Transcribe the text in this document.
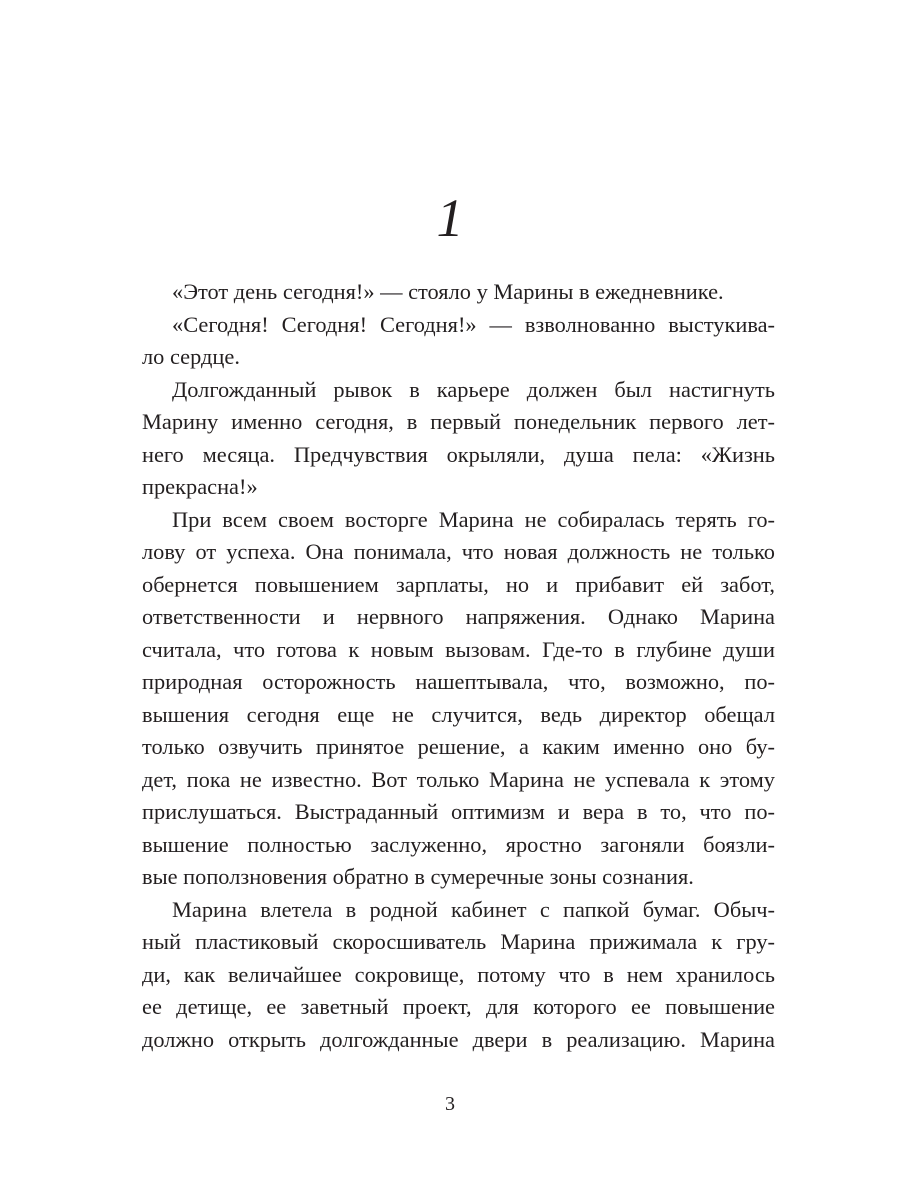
1
«Этот день сегодня!» — стояло у Марины в ежедневнике.
«Сегодня! Сегодня! Сегодня!» — взволнованно выстукива-
ло сердце.
Долгожданный рывок в карьере должен был настигнуть
Марину именно сегодня, в первый понедельник первого лет-
него месяца. Предчувствия окрыляли, душа пела: «Жизнь
прекрасна!»
При всем своем восторге Марина не собиралась терять го-
лову от успеха. Она понимала, что новая должность не только
обернется повышением зарплаты, но и прибавит ей забот,
ответственности и нервного напряжения. Однако Марина
считала, что готова к новым вызовам. Где-то в глубине души
природная осторожность нашептывала, что, возможно, по-
вышения сегодня еще не случится, ведь директор обещал
только озвучить принятое решение, а каким именно оно бу-
дет, пока не известно. Вот только Марина не успевала к этому
прислушаться. Выстраданный оптимизм и вера в то, что по-
вышение полностью заслуженно, яростно загоняли боязли-
вые поползновения обратно в сумеречные зоны сознания.
Марина влетела в родной кабинет с папкой бумаг. Обыч-
ный пластиковый скоросшиватель Марина прижимала к гру-
ди, как величайшее сокровище, потому что в нем хранилось
ее детище, ее заветный проект, для которого ее повышение
должно открыть долгожданные двери в реализацию. Марина
3
